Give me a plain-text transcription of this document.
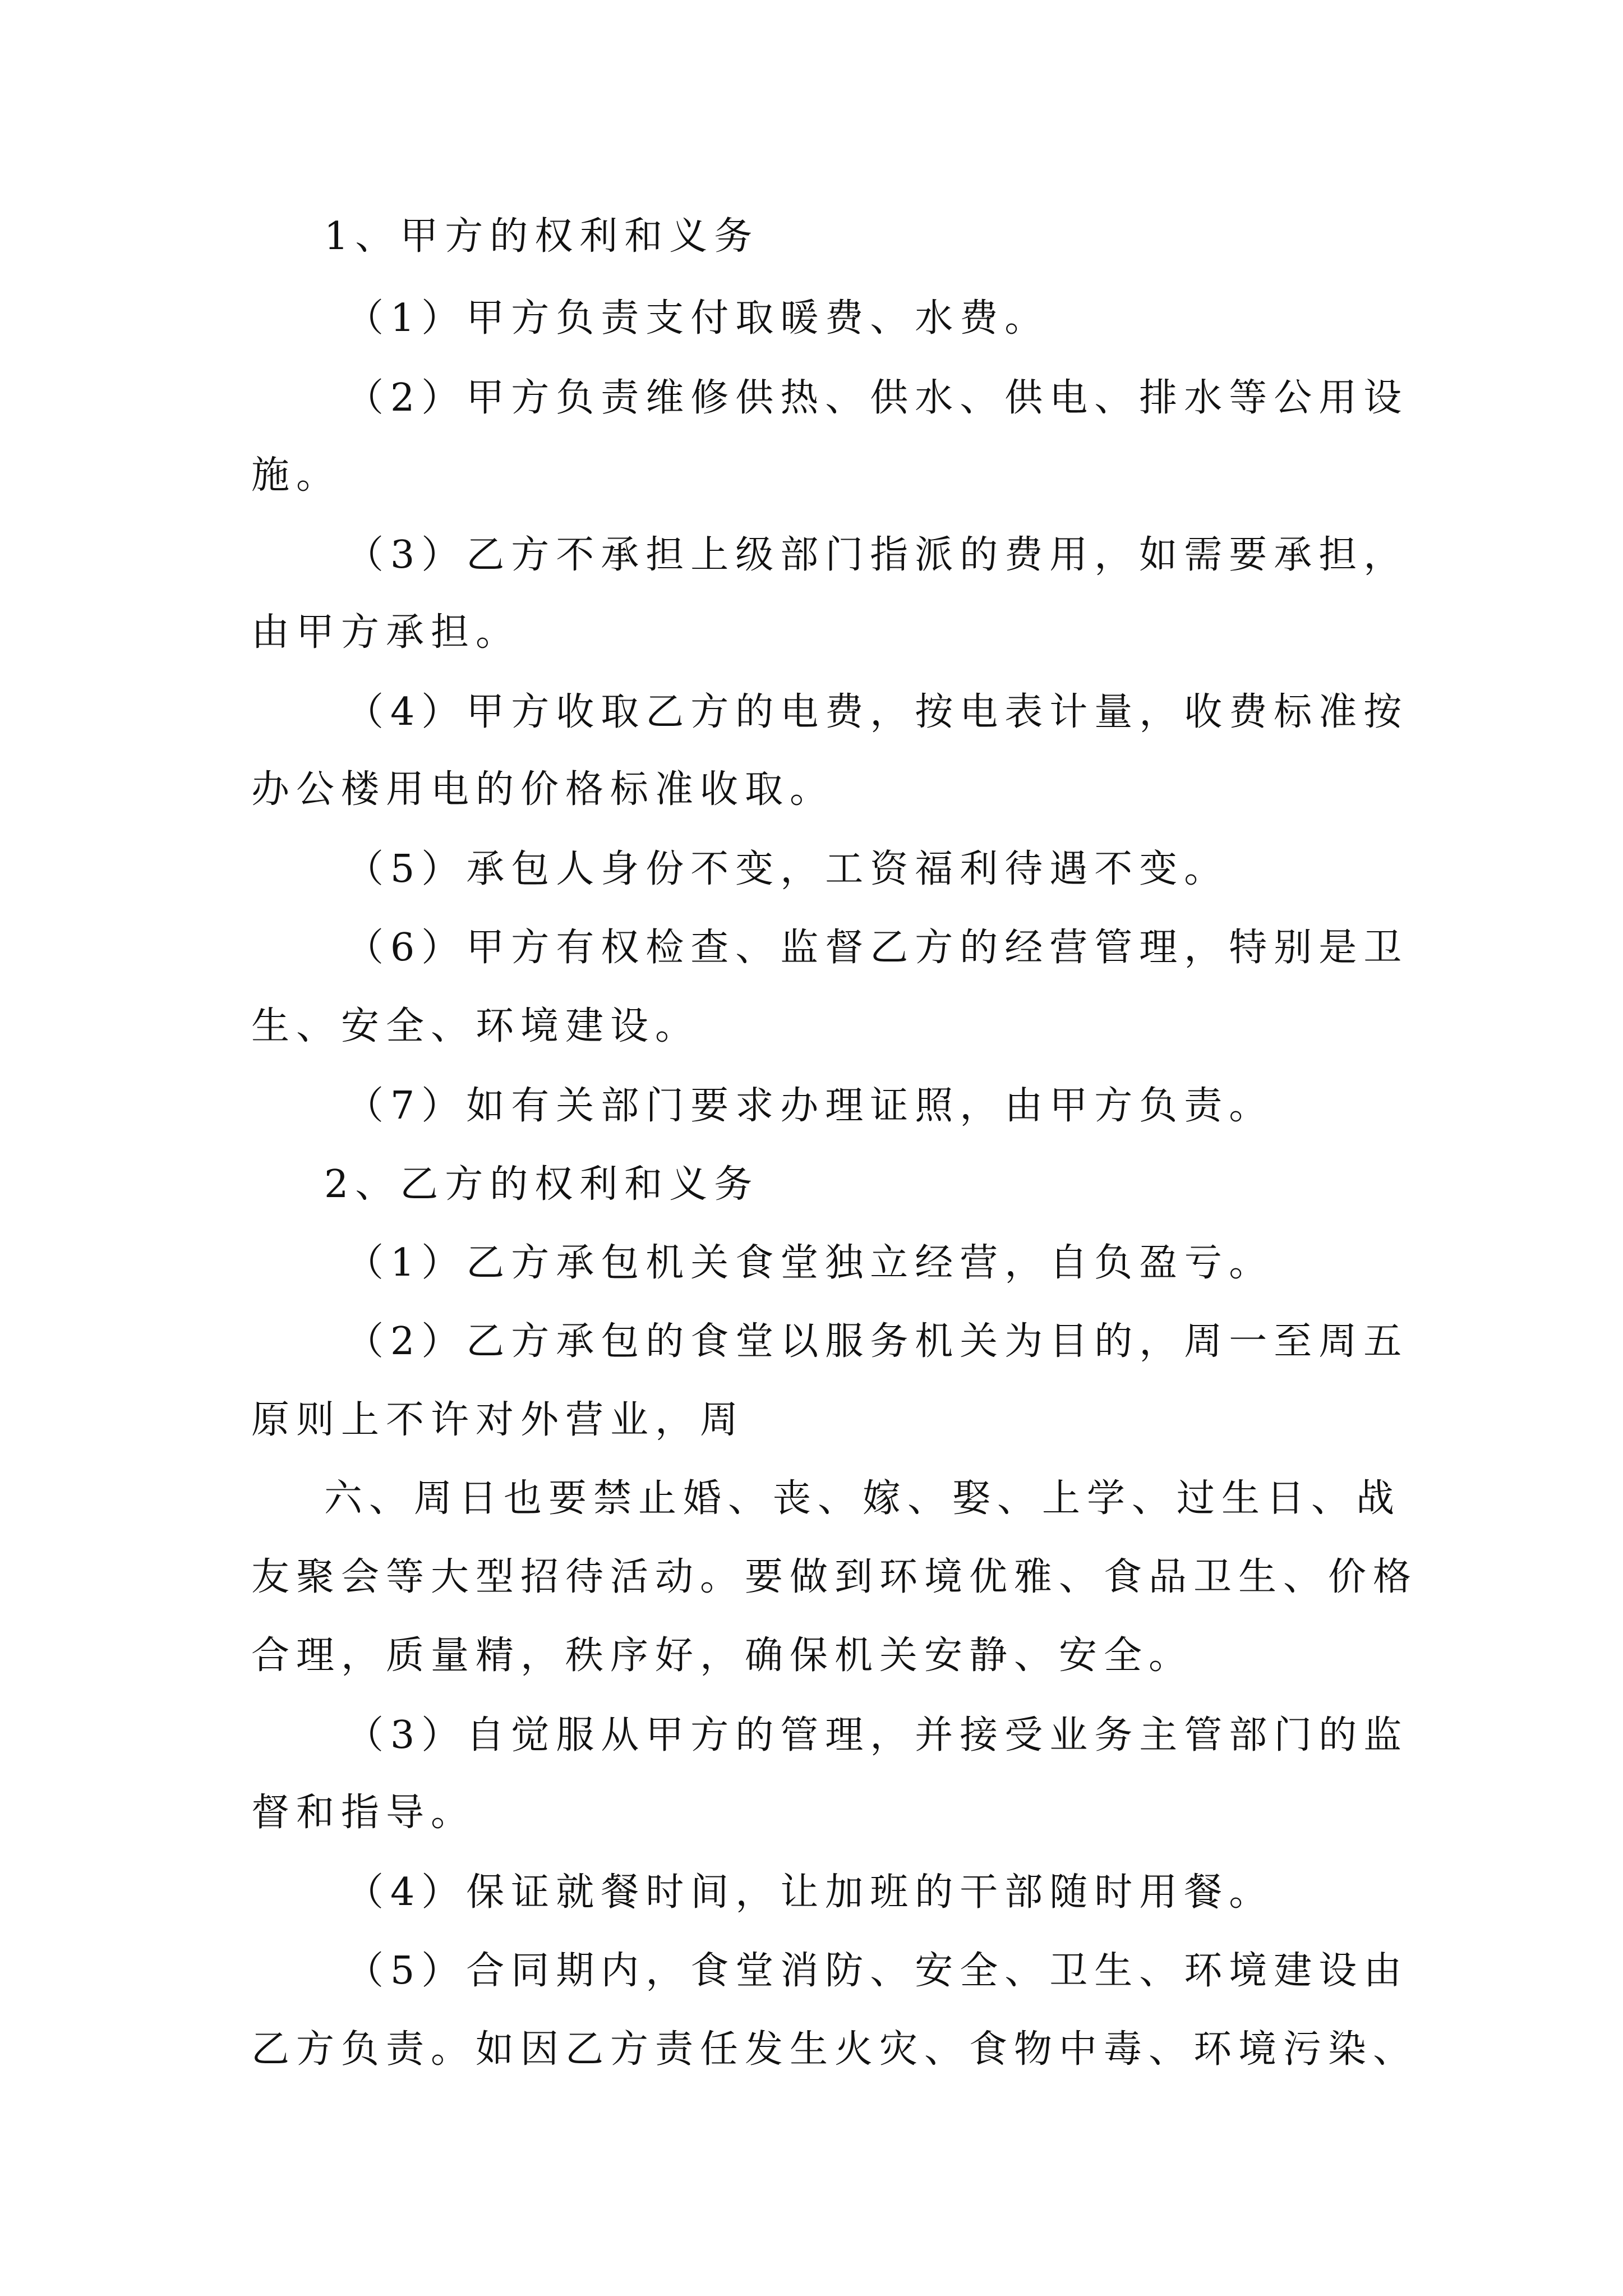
1、甲方的权利和义务
（1）甲方负责支付取暖费、水费。
（2）甲方负责维修供热、供水、供电、排水等公用设
施。
（3）乙方不承担上级部门指派的费用，如需要承担，
由甲方承担。
（4）甲方收取乙方的电费，按电表计量，收费标准按
办公楼用电的价格标准收取。
（5）承包人身份不变，工资福利待遇不变。
（6）甲方有权检查、监督乙方的经营管理，特别是卫
生、安全、环境建设。
（7）如有关部门要求办理证照，由甲方负责。
2、乙方的权利和义务
（1）乙方承包机关食堂独立经营，自负盈亏。
（2）乙方承包的食堂以服务机关为目的，周一至周五
原则上不许对外营业，周
六、周日也要禁止婚、丧、嫁、娶、上学、过生日、战
友聚会等大型招待活动。要做到环境优雅、食品卫生、价格
合理，质量精，秩序好，确保机关安静、安全。
（3）自觉服从甲方的管理，并接受业务主管部门的监
督和指导。
（4）保证就餐时间，让加班的干部随时用餐。
（5）合同期内，食堂消防、安全、卫生、环境建设由
乙方负责。如因乙方责任发生火灾、食物中毒、环境污染、
